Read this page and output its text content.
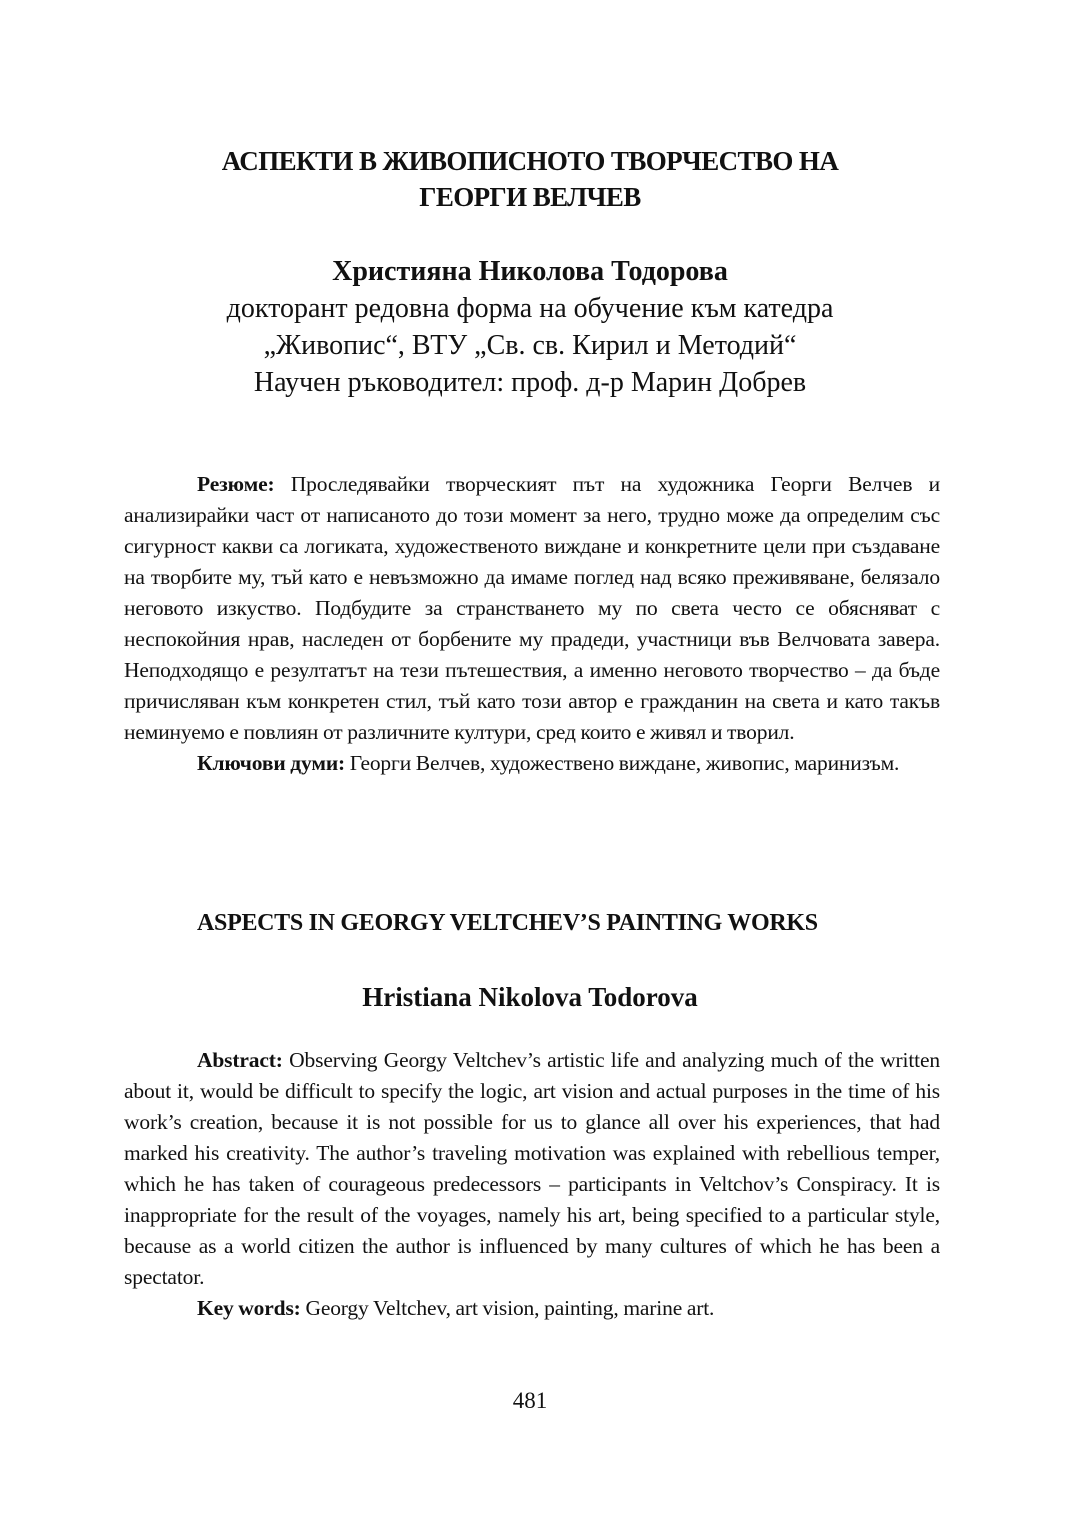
АСПЕКТИ В ЖИВОПИСНОТО ТВОРЧЕСТВО НА
ГЕОРГИ ВЕЛЧЕВ
Християна Николова Тодорова
докторант редовна форма на обучение към катедра
„Живопис“, ВТУ „Св. св. Кирил и Методий“
Научен ръководител: проф. д-р Марин Добрев

Резюме: Проследявайки творческият път на художника Георги Велчев и анализирайки част от написаното до този момент за него, трудно може да определим със сигурност какви са логиката, художественото виждане и конкретните цели при създаване на творбите му, тъй като е невъзможно да имаме поглед над всяко преживяване, белязало неговото изкуство. Подбудите за странстването му по света често се обясняват с неспокойния нрав, наследен от борбените му прадеди, участници във Велчовата завера. Неподходящо е резултатът на тези пътешествия, а именно неговото творчество – да бъде причисляван към конкретен стил, тъй като този автор е гражданин на света и като такъв неминуемо е повлиян от различните култури, сред които е живял и творил.

Ключови думи: Георги Велчев, художествено виждане, живопис, маринизъм.

ASPECTS IN GEORGY VELTCHEV’S PAINTING WORKS
Hristiana Nikolova Todorova

Abstract: Observing Georgy Veltchev’s artistic life and analyzing much of the written about it, would be difficult to specify the logic, art vision and actual purposes in the time of his work’s creation, because it is not possible for us to glance all over his experiences, that had marked his creativity. The author’s traveling motivation was explained with rebellious temper, which he has taken of courageous predecessors – participants in Veltchov’s Conspiracy. It is inappropriate for the result of the voyages, namely his art, being specified to a particular style, because as a world citizen the author is influenced by many cultures of which he has been a spectator.

Key words: Georgy Veltchev, art vision, painting, marine art.

481
